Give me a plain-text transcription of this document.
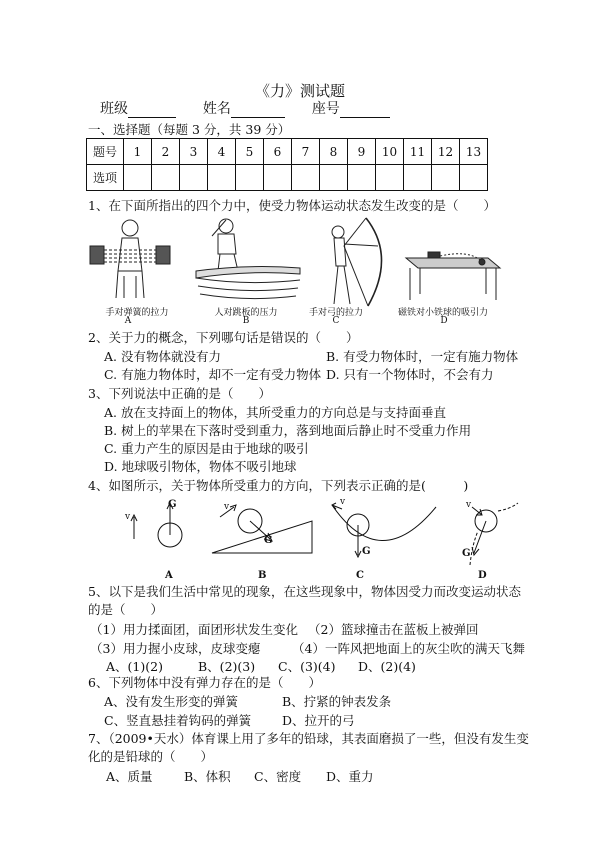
《力》测试题
班级	姓名	座号
一、选择题（每题 3 分，共 39 分）
题号	1	2	3	4	5	6	7	8	9	10	11	12	13
选项													
1、在下面所指出的四个力中，使受力物体运动状态发生改变的是（　　）
手对弹簧的拉力	人对跳板的压力	手对弓的拉力	磁铁对小铁球的吸引力
A	B	C	D
2、关于力的概念，下列哪句话是错误的（　　）
A. 没有物体就没有力	B. 有受力物体时，一定有施力物体
C. 有施力物体时，却不一定有受力物体 D. 只有一个物体时，不会有力
3、下列说法中正确的是（　　）
A. 放在支持面上的物体，其所受重力的方向总是与支持面垂直
B. 树上的苹果在下落时受到重力，落到地面后静止时不受重力作用
C. 重力产生的原因是由于地球的吸引
D. 地球吸引物体，物体不吸引地球
4、如图所示，关于物体所受重力的方向，下列表示正确的是(　　　)
v
G	v
G
v
G
v
G
A	B	C	D
5、以下是我们生活中常见的现象，在这些现象中，物体因受力而改变运动状态
的是（　　）
（1）用力揉面团，面团形状发生变化 （2）篮球撞击在蓝板上被弹回
（3）用力握小皮球，皮球变瘪	（4）一阵风把地面上的灰尘吹的满天飞舞
A、(1)(2)	B、(2)(3) C、(3)(4) D、(2)(4)
6、下列物体中没有弹力存在的是（　　）
A、没有发生形变的弹簧	B、拧紧的钟表发条
C、竖直悬挂着钩码的弹簧 D、拉开的弓
7、（2009•天水）体育课上用了多年的铅球，其表面磨损了一些，但没有发生变
化的是铅球的（　　）
A、质量	B、体积 C、密度 D、重力
